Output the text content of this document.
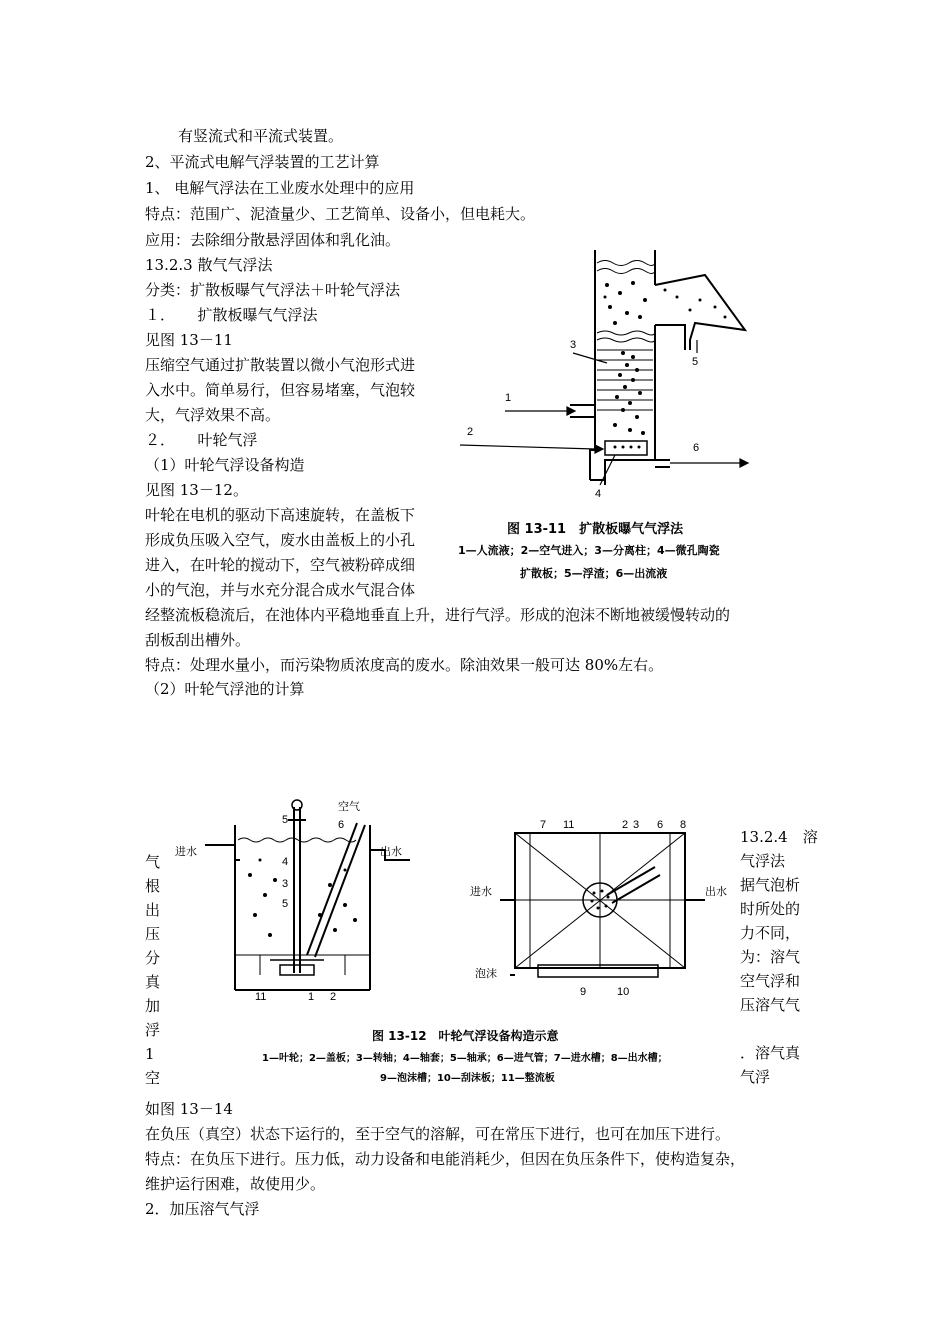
有竖流式和平流式装置。
2、平流式电解气浮装置的工艺计算
1、 电解气浮法在工业废水处理中的应用
特点：范围广、泥渣量少、工艺简单、设备小，但电耗大。
应用：去除细分散悬浮固体和乳化油。
13.2.3 散气气浮法
分类：扩散板曝气气浮法＋叶轮气浮法
１．　　扩散板曝气气浮法
见图 13－11
压缩空气通过扩散装置以微小气泡形式进
入水中。简单易行，但容易堵塞，气泡较
大，气浮效果不高。
２．　　叶轮气浮
（1）叶轮气浮设备构造
见图 13－12。
叶轮在电机的驱动下高速旋转，在盖板下
形成负压吸入空气，废水由盖板上的小孔
进入，在叶轮的搅动下，空气被粉碎成细
小的气泡，并与水充分混合成水气混合体
经整流板稳流后，在池体内平稳地垂直上升，进行气浮。形成的泡沫不断地被缓慢转动的
刮板刮出槽外。
特点：处理水量小，而污染物质浓度高的废水。除油效果一般可达 80%左右。
（2）叶轮气浮池的计算
3
1
2
5
6
4
图 13-11　扩散板曝气气浮法
1—人流液；2—空气进入；3—分离柱；4—微孔陶瓷
扩散板；5—浮渣；6—出流液
气
根
出
压
分
真
加
浮
1
空
13.2.4　溶
气浮法
据气泡析
时所处的
力不同，
为：溶气
空气浮和
压溶气气
．溶气真
气浮
进水	出水
空气
5	6
4
3
5
11	1 2
进水	出水
泡沫
7 11	2 3 6 8
9	10
图 13-12　叶轮气浮设备构造示意
1—叶轮；2—盖板；3—转轴；4—轴套；5—轴承；6—进气管；7—进水槽；8—出水槽；
9—泡沫槽；10—刮沫板；11—整流板
如图 13－14
在负压（真空）状态下运行的，至于空气的溶解，可在常压下进行，也可在加压下进行。
特点：在负压下进行。压力低，动力设备和电能消耗少，但因在负压条件下，使构造复杂，
维护运行困难，故使用少。
2．加压溶气气浮
